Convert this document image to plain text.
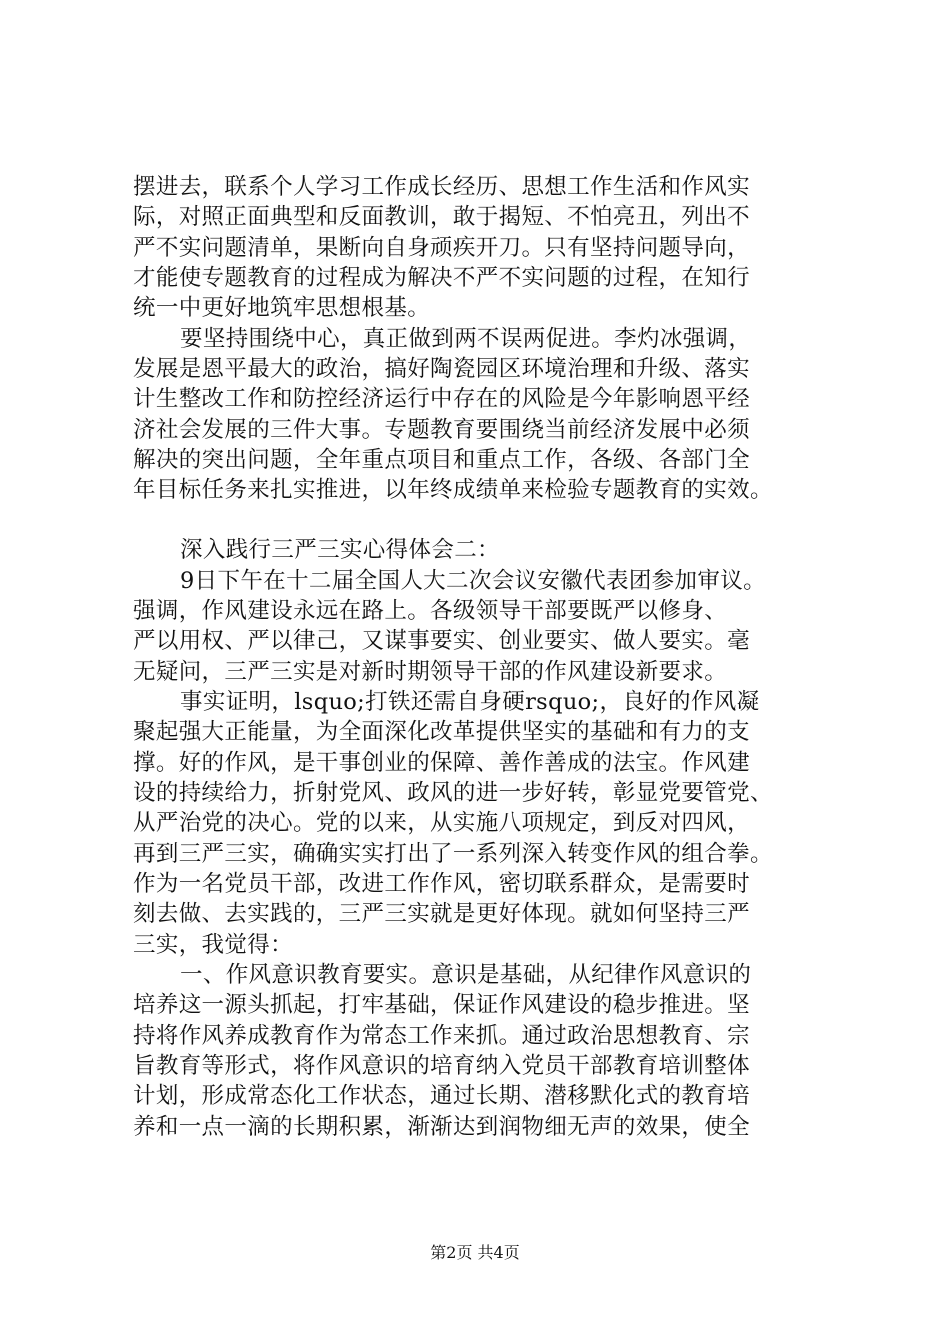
摆进去，联系个人学习工作成长经历、思想工作生活和作风实
际，对照正面典型和反面教训，敢于揭短、不怕亮丑，列出不
严不实问题清单，果断向自身顽疾开刀。只有坚持问题导向，
才能使专题教育的过程成为解决不严不实问题的过程，在知行
统一中更好地筑牢思想根基。
要坚持围绕中心，真正做到两不误两促进。李灼冰强调，
发展是恩平最大的政治，搞好陶瓷园区环境治理和升级、落实
计生整改工作和防控经济运行中存在的风险是今年影响恩平经
济社会发展的三件大事。专题教育要围绕当前经济发展中必须
解决的突出问题，全年重点项目和重点工作，各级、各部门全
年目标任务来扎实推进，以年终成绩单来检验专题教育的实效。
深入践行三严三实心得体会二：
9日下午在十二届全国人大二次会议安徽代表团参加审议。
强调，作风建设永远在路上。各级领导干部要既严以修身、
严以用权、严以律己，又谋事要实、创业要实、做人要实。毫
无疑问，三严三实是对新时期领导干部的作风建设新要求。
事实证明，lsquo;打铁还需自身硬rsquo;，良好的作风凝
聚起强大正能量，为全面深化改革提供坚实的基础和有力的支
撑。好的作风，是干事创业的保障、善作善成的法宝。作风建
设的持续给力，折射党风、政风的进一步好转，彰显党要管党、
从严治党的决心。党的以来，从实施八项规定，到反对四风，
再到三严三实，确确实实打出了一系列深入转变作风的组合拳。
作为一名党员干部，改进工作作风，密切联系群众，是需要时
刻去做、去实践的，三严三实就是更好体现。就如何坚持三严
三实，我觉得：
一、作风意识教育要实。意识是基础，从纪律作风意识的
培养这一源头抓起，打牢基础，保证作风建设的稳步推进。坚
持将作风养成教育作为常态工作来抓。通过政治思想教育、宗
旨教育等形式，将作风意识的培育纳入党员干部教育培训整体
计划，形成常态化工作状态，通过长期、潜移默化式的教育培
养和一点一滴的长期积累，渐渐达到润物细无声的效果，使全
第2页 共4页
